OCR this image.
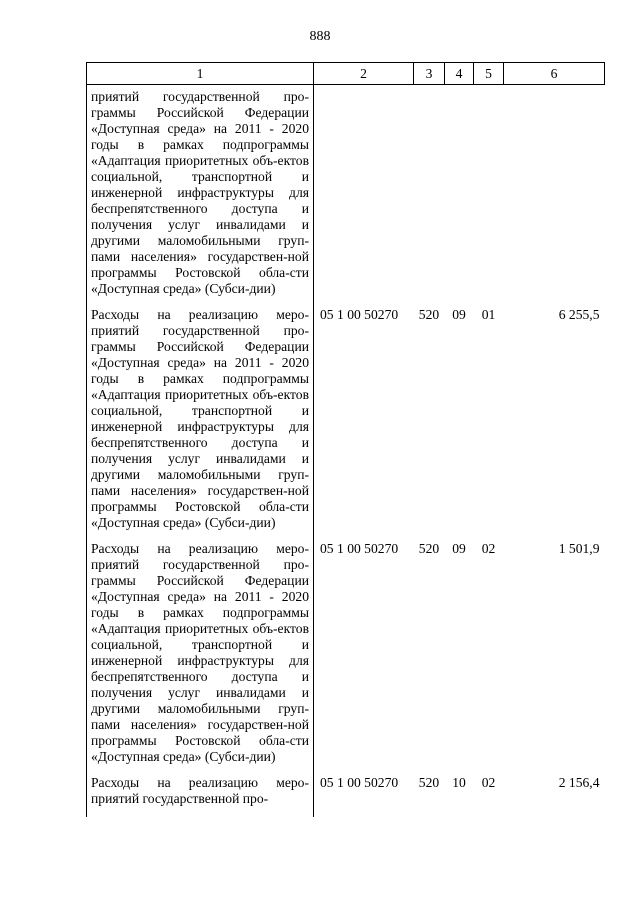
888
1	2	3	4	5	6
приятий государственной про-граммы Российской Федерации «Доступная среда» на 2011 - 2020 годы в рамках подпрограммы «Адаптация приоритетных объ-ектов социальной, транспортной и инженерной инфраструктуры для беспрепятственного доступа и получения услуг инвалидами и другими маломобильными груп-пами населения» государствен-ной программы Ростовской обла-сти «Доступная среда» (Субси-дии)					
Расходы на реализацию меро-приятий государственной про-граммы Российской Федерации «Доступная среда» на 2011 - 2020 годы в рамках подпрограммы «Адаптация приоритетных объ-ектов социальной, транспортной и инженерной инфраструктуры для беспрепятственного доступа и получения услуг инвалидами и другими маломобильными груп-пами населения» государствен-ной программы Ростовской обла-сти «Доступная среда» (Субси-дии)	05 1 00 50270	520	09	01	6 255,5
Расходы на реализацию меро-приятий государственной про-граммы Российской Федерации «Доступная среда» на 2011 - 2020 годы в рамках подпрограммы «Адаптация приоритетных объ-ектов социальной, транспортной и инженерной инфраструктуры для беспрепятственного доступа и получения услуг инвалидами и другими маломобильными груп-пами населения» государствен-ной программы Ростовской обла-сти «Доступная среда» (Субси-дии)	05 1 00 50270	520	09	02	1 501,9
Расходы на реализацию меро-приятий государственной про-	05 1 00 50270	520	10	02	2 156,4
